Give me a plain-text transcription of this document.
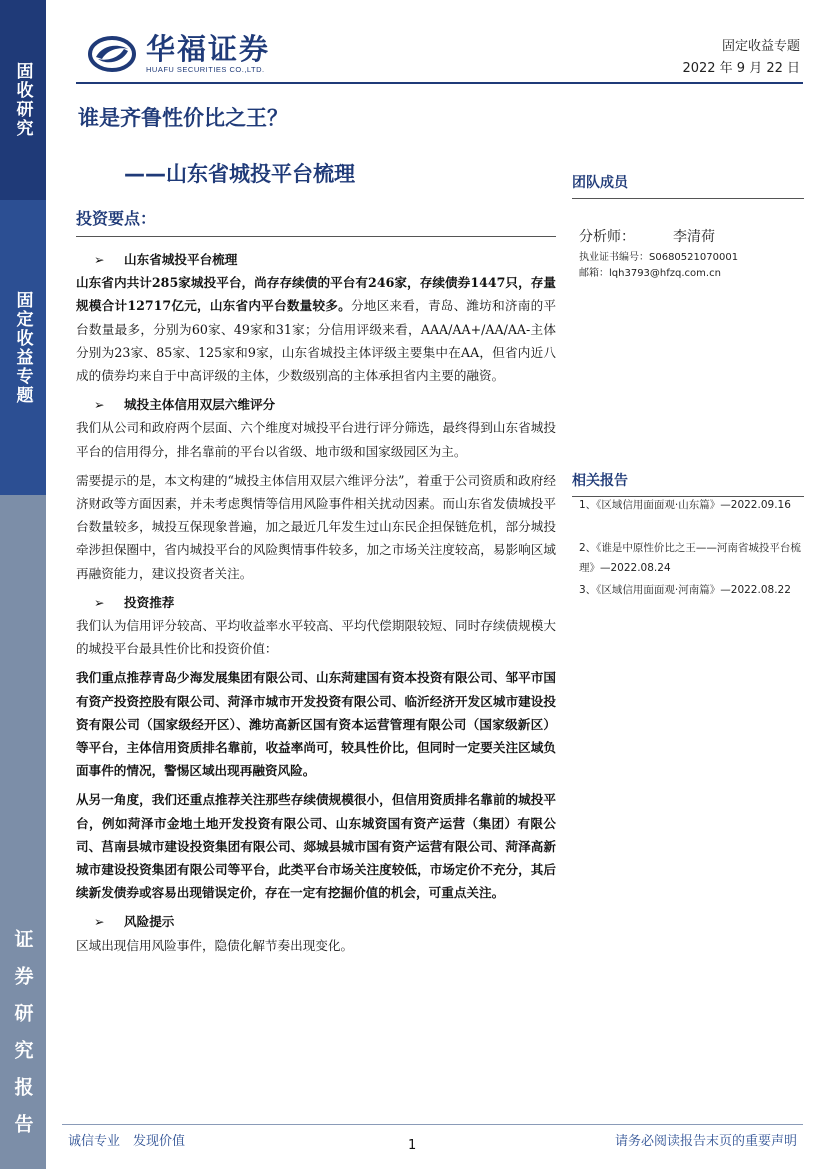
固收研究
固定收益专题
证券研究报告
华福证券
HUAFU SECURITIES CO.,LTD.
固定收益专题
2022 年 9 月 22 日
谁是齐鲁性价比之王？
——山东省城投平台梳理	团队成员
分析师：	李清荷
执业证书编号：S0680521070001
邮箱：lqh3793@hfzq.com.cn
相关报告
1、《区域信用面面观·山东篇》—2022.09.16
2、《谁是中原性价比之王——河南省城投平台梳理》—2022.08.24
3、《区域信用面面观·河南篇》—2022.08.22
投资要点：

➢ 山东省城投平台梳理

山东省内共计285家城投平台，尚存存续债的平台有246家，存续债券1447只，存量规模合计12717亿元，山东省内平台数量较多。分地区来看，青岛、潍坊和济南的平台数量最多，分别为60家、49家和31家；分信用评级来看，AAA/AA+/AA/AA-主体分别为23家、85家、125家和9家，山东省城投主体评级主要集中在AA，但省内近八成的债券均来自于中高评级的主体，少数级别高的主体承担省内主要的融资。

➢ 城投主体信用双层六维评分

我们从公司和政府两个层面、六个维度对城投平台进行评分筛选，最终得到山东省城投平台的信用得分，排名靠前的平台以省级、地市级和国家级园区为主。

需要提示的是，本文构建的“城投主体信用双层六维评分法”，着重于公司资质和政府经济财政等方面因素，并未考虑舆情等信用风险事件相关扰动因素。而山东省发债城投平台数量较多，城投互保现象普遍，加之最近几年发生过山东民企担保链危机，部分城投牵涉担保圈中，省内城投平台的风险舆情事件较多，加之市场关注度较高，易影响区域再融资能力，建议投资者关注。

➢ 投资推荐

我们认为信用评分较高、平均收益率水平较高、平均代偿期限较短、同时存续债规模大的城投平台最具性价比和投资价值：

我们重点推荐青岛少海发展集团有限公司、山东菏建国有资本投资有限公司、邹平市国有资产投资控股有限公司、菏泽市城市开发投资有限公司、临沂经济开发区城市建设投资有限公司（国家级经开区）、潍坊高新区国有资本运营管理有限公司（国家级新区）等平台，主体信用资质排名靠前，收益率尚可，较具性价比，但同时一定要关注区域负面事件的情况，警惕区域出现再融资风险。

从另一角度，我们还重点推荐关注那些存续债规模很小，但信用资质排名靠前的城投平台，例如菏泽市金地土地开发投资有限公司、山东城资国有资产运营（集团）有限公司、莒南县城市建设投资集团有限公司、郯城县城市国有资产运营有限公司、菏泽高新城市建设投资集团有限公司等平台，此类平台市场关注度较低，市场定价不充分，其后续新发债券或容易出现错误定价，存在一定有挖掘价值的机会，可重点关注。

➢ 风险提示

区域出现信用风险事件，隐债化解节奏出现变化。

诚信专业　发现价值	1	请务必阅读报告末页的重要声明
